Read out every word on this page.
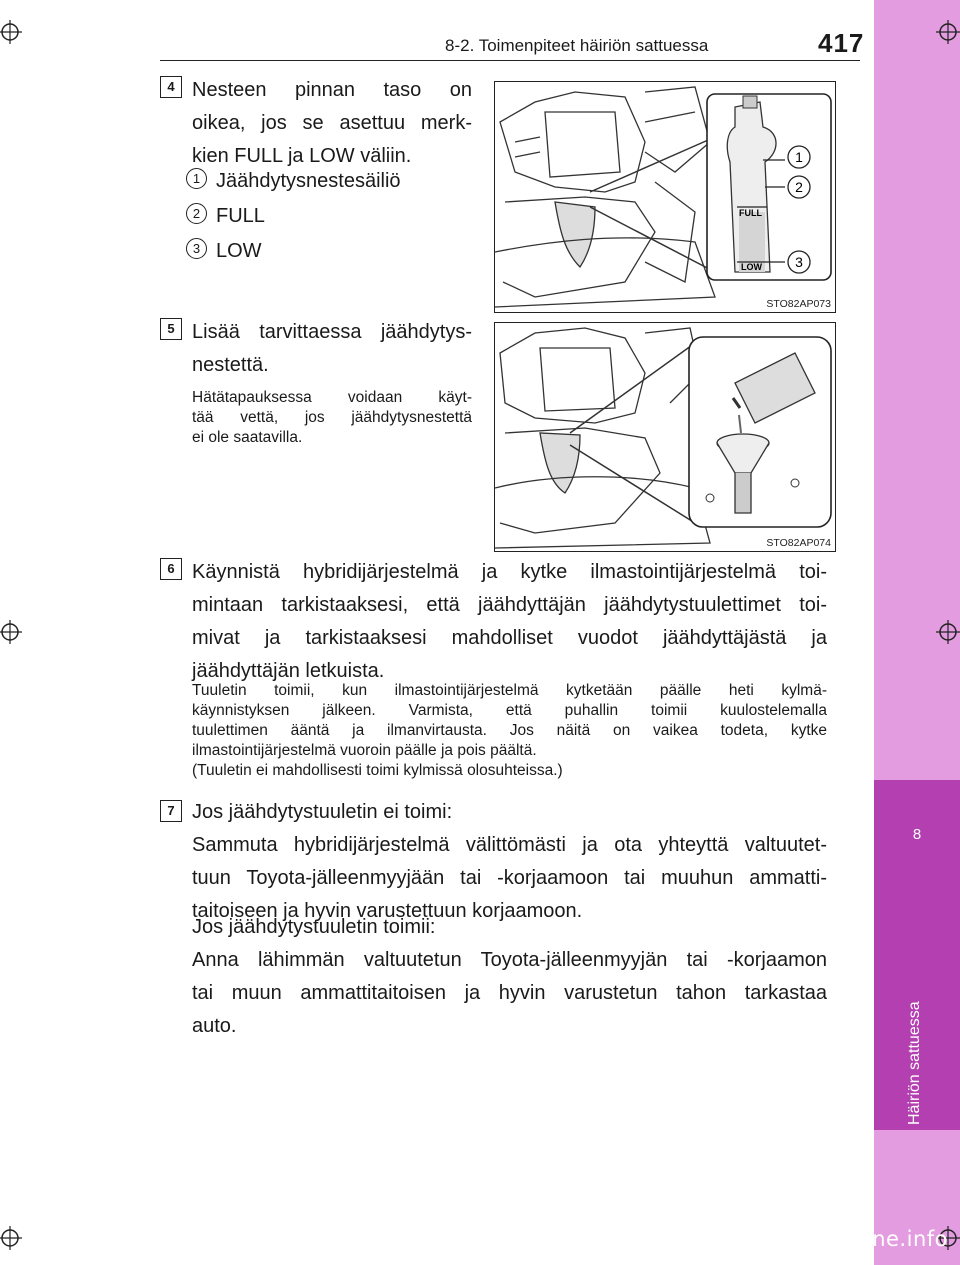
8
Häiriön sattuessa
8-2. Toimenpiteet häiriön sattuessa	417
4 Nesteen pinnan taso on
oikea, jos se asettuu merk-
kien FULL ja LOW väliin.
1 Jäähdytysnestesäiliö
2 FULL
3 LOW
FULL
LOW
1
2
3
STO82AP073
5 Lisää tarvittaessa jäähdytys-
nestettä.
Hätätapauksessa voidaan käyt-
tää vettä, jos jäähdytysnestettä
ei ole saatavilla.
STO82AP074
6 Käynnistä hybridijärjestelmä ja kytke ilmastointijärjestelmä toi-
mintaan tarkistaaksesi, että jäähdyttäjän jäähdytystuulettimet toi-
mivat ja tarkistaaksesi mahdolliset vuodot jäähdyttäjästä ja
jäähdyttäjän letkuista.
Tuuletin toimii, kun ilmastointijärjestelmä kytketään päälle heti kylmä-
käynnistyksen jälkeen. Varmista, että puhallin toimii kuulostelemalla
tuulettimen ääntä ja ilmanvirtausta. Jos näitä on vaikea todeta, kytke
ilmastointijärjestelmä vuoroin päälle ja pois päältä.
(Tuuletin ei mahdollisesti toimi kylmissä olosuhteissa.)
7 Jos jäähdytystuuletin ei toimi:
Sammuta hybridijärjestelmä välittömästi ja ota yhteyttä valtuutet-
tuun Toyota-jälleenmyyjään tai -korjaamoon tai muuhun ammatti-
taitoiseen ja hyvin varustettuun korjaamoon.
Jos jäähdytystuuletin toimii:
Anna lähimmän valtuutetun Toyota-jälleenmyyjän tai -korjaamon
tai muun ammattitaitoisen ja hyvin varustetun tahon tarkastaa
auto.
carmanualsonline.info
